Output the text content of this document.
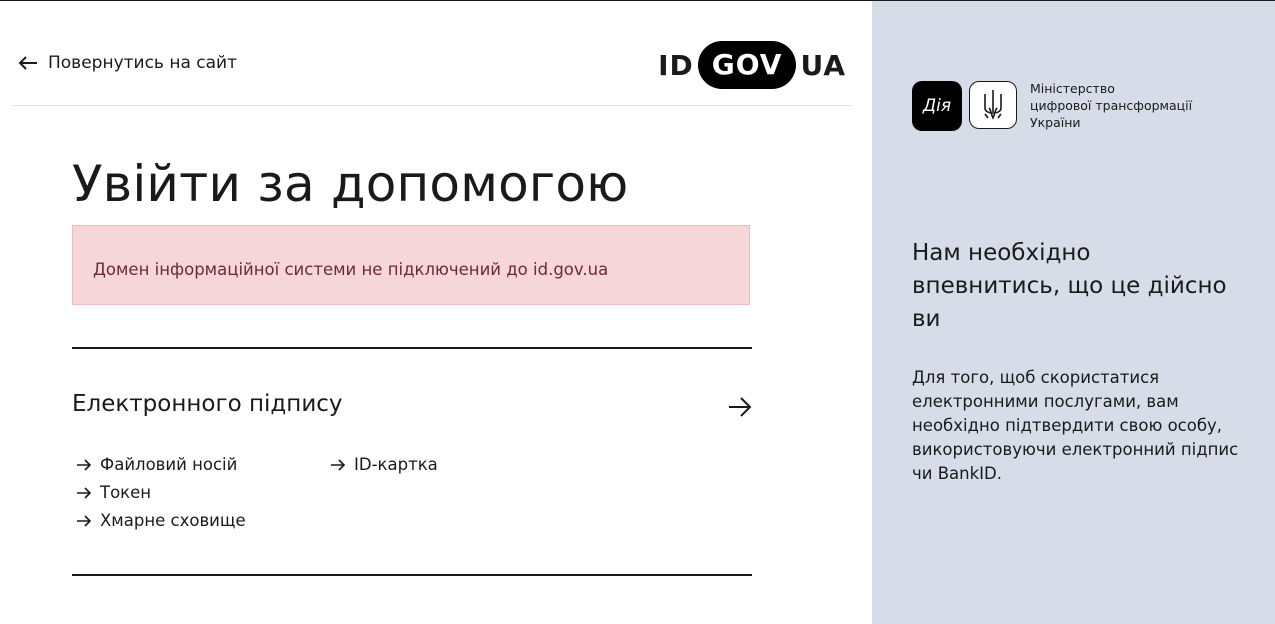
Повернутись на сайт	ID GOV UA
Увійти за допомогою
Домен інформаційної системи не підключений до id.gov.ua
Електронного підпису
Файловий носій
Токен
Хмарне сховище
ID-картка
Дія
Міністерство
цифрової трансформації
України
Нам необхідно впевнитись, що це дійсно ви
Для того, щоб скористатися електронними послугами, вам необхідно підтвердити свою особу, використовуючи електронний підпис чи BankID.
